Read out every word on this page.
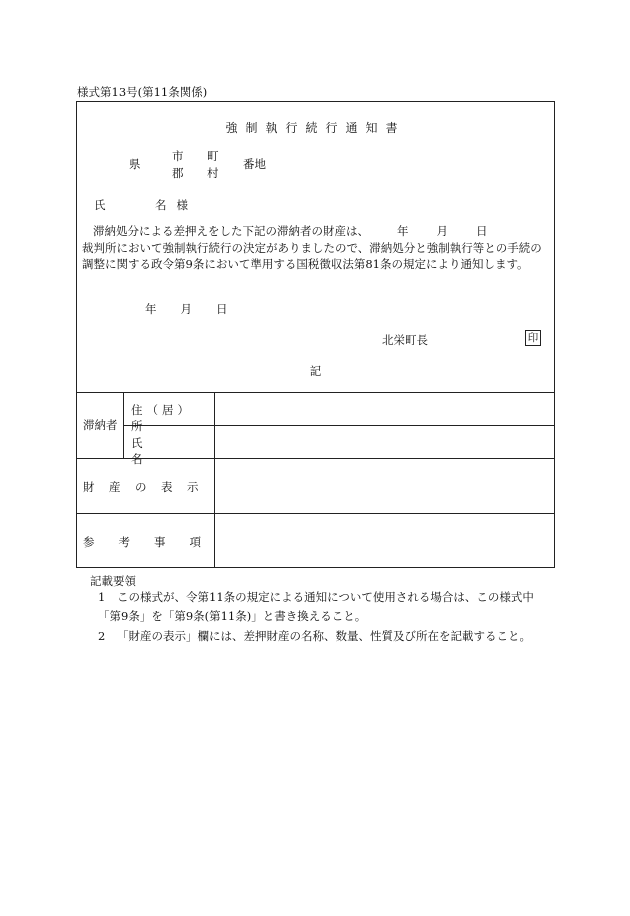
様式第13号(第11条関係)
強制執行続行通知書
県
市
郡
町
村
番地
氏	名様
滞納処分による差押えをした下記の滞納者の財産は、 年 月 日
裁判所において強制執行続行の決定がありましたので、滞納処分と強制執行等との手続の調整に関する政令第9条において準用する国税徴収法第81条の規定により通知します。
年 月 日
北栄町長	印
記
滞納者
住（居）所
氏　　名
財産の表示
参考事項
記載要領
1 この様式が、令第11条の規定による通知について使用される場合は、この様式中「第9条」を「第9条(第11条)」と書き換えること。
2 「財産の表示」欄には、差押財産の名称、数量、性質及び所在を記載すること。
